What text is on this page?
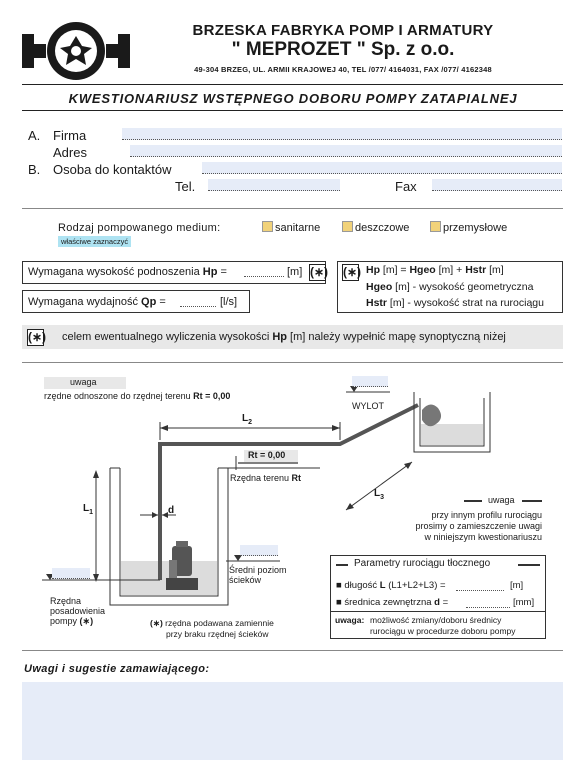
BRZESKA FABRYKA POMP I ARMATURY
" MEPROZET " Sp. z o.o.
49-304 BRZEG, UL. ARMII KRAJOWEJ 40, TEL /077/ 4164031, FAX /077/ 4162348
KWESTIONARIUSZ WSTĘPNEGO DOBORU POMPY ZATAPIALNEJ
A. Firma
Adres
B. Osoba do kontaktów
Tel.	Fax
Rodzaj pompowanego medium:	sanitarne	deszczowe	przemysłowe
właściwe zaznaczyć
Wymagana wysokość podnoszenia Hp =	[m] (∗)
Wymagana wydajność Qp =	[l/s]
(∗) Hp [m] = Hgeo [m] + Hstr [m]
Hgeo [m] - wysokość geometryczna
Hstr [m] - wysokość strat na rurociągu
(∗) celem ewentualnego wyliczenia wysokości Hp [m] należy wypełnić mapę synoptyczną niżej
uwaga
rzędne odnoszone do rzędnej terenu Rt = 0,00
WYLOT
$L_2$
$L_3$
$L_1$
Rt = 0,00
Rzędna terenu Rt
d
Średni poziom
ścieków
Rzędna
posadowienia
pompy (∗)	(∗) rzędna podawana zamiennie
przy braku rzędnej ścieków
uwaga
przy innym profilu rurociągu
prosimy o zamieszczenie uwagi
w niniejszym kwestionariuszu
Parametry rurociągu tłocznego
■ długość L (L1+L2+L3) =	[m]
■ średnica zewnętrzna d =	[mm]
uwaga: możliwość zmiany/doboru średnicy
rurociągu w procedurze doboru pompy
Uwagi i sugestie zamawiającego:
